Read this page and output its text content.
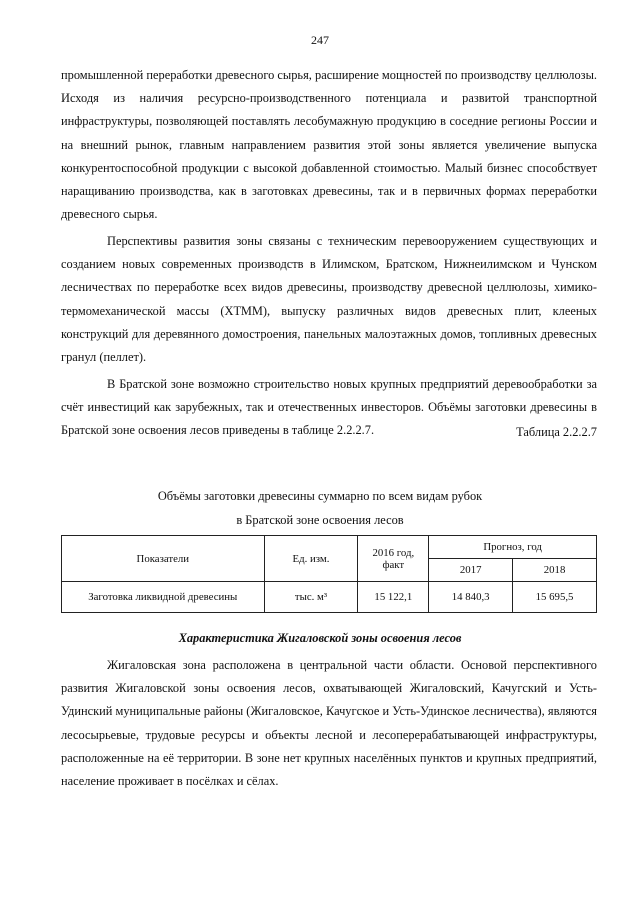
247

промышленной переработки древесного сырья, расширение мощностей по производству целлюлозы. Исходя из наличия ресурсно-производственного потенциала и развитой транспортной инфраструктуры, позволяющей поставлять лесобумажную продукцию в соседние регионы России и на внешний рынок, главным направлением развития этой зоны является увеличение выпуска конкурентоспособной продукции с высокой добавленной стоимостью. Малый бизнес способствует наращиванию производства, как в заготовках древесины, так и в первичных формах переработки древесного сырья.

Перспективы развития зоны связаны с техническим перевооружением существующих и созданием новых современных производств в Илимском, Братском, Нижнеилимском и Чунском лесничествах по переработке всех видов древесины, производству древесной целлюлозы, химико-термомеханической массы (ХТММ), выпуску различных видов древесных плит, клееных конструкций для деревянного домостроения, панельных малоэтажных домов, топливных древесных гранул (пеллет).

В Братской зоне возможно строительство новых крупных предприятий деревообработки за счёт инвестиций как зарубежных, так и отечественных инвесторов. Объёмы заготовки древесины в Братской зоне освоения лесов приведены в таблице 2.2.2.7.	Таблица 2.2.2.7
Объёмы заготовки древесины суммарно по всем видам рубок
в Братской зоне освоения лесов
Показатели	Ед. изм.	2016 год, факт	Прогноз, год	
			2017	2018
Заготовка ликвидной древесины	тыс. м³	15 122,1	14 840,3	15 695,5
Характеристика Жигаловской зоны освоения лесов

Жигаловская зона расположена в центральной части области. Основой перспективного развития Жигаловской зоны освоения лесов, охватывающей Жигаловский, Качугский и Усть-Удинский муниципальные районы (Жигаловское, Качугское и Усть-Удинское лесничества), являются лесосырьевые, трудовые ресурсы и объекты лесной и лесоперерабатывающей инфраструктуры, расположенные на её территории. В зоне нет крупных населённых пунктов и крупных предприятий, население проживает в посёлках и сёлах.
